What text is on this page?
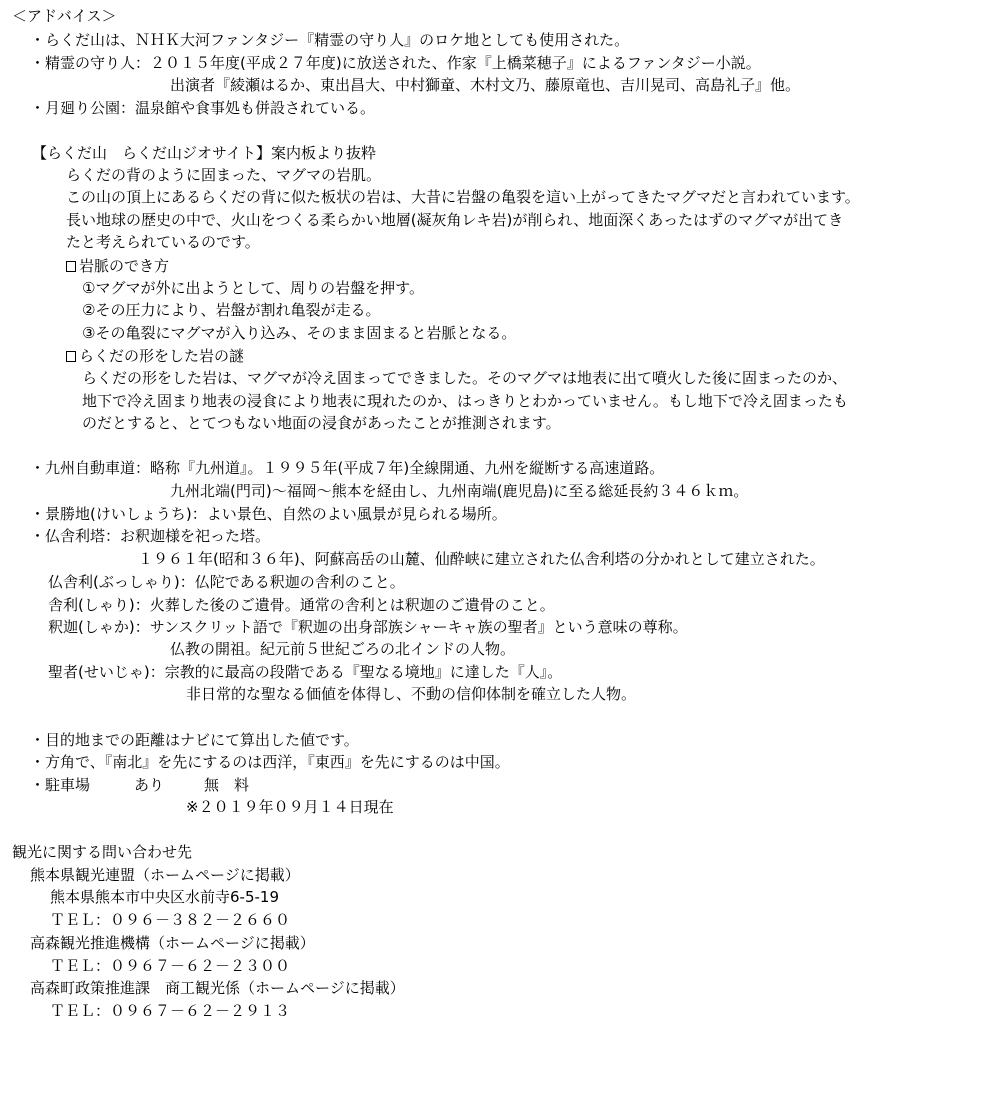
＜アドバイス＞
・らくだ山は、ＮＨＫ大河ファンタジー『精霊の守り人』のロケ地としても使用された。
・精霊の守り人：２０１５年度(平成２７年度)に放送された、作家『上橋菜穂子』によるファンタジー小説。
出演者『綾瀬はるか、東出昌大、中村獅童、木村文乃、藤原竜也、吉川晃司、高島礼子』他。
・月廻り公園：温泉館や食事処も併設されている。
【らくだ山　らくだ山ジオサイト】案内板より抜粋
らくだの背のように固まった、マグマの岩肌。
この山の頂上にあるらくだの背に似た板状の岩は、大昔に岩盤の亀裂を這い上がってきたマグマだと言われています。
長い地球の歴史の中で、火山をつくる柔らかい地層(凝灰角レキ岩)が削られ、地面深くあったはずのマグマが出てき
たと考えられているのです。
岩脈のでき方
①マグマが外に出ようとして、周りの岩盤を押す。
②その圧力により、岩盤が割れ亀裂が走る。
③その亀裂にマグマが入り込み、そのまま固まると岩脈となる。
らくだの形をした岩の謎
らくだの形をした岩は、マグマが冷え固まってできました。そのマグマは地表に出て噴火した後に固まったのか、
地下で冷え固まり地表の浸食により地表に現れたのか、はっきりとわかっていません。もし地下で冷え固まったも
のだとすると、とてつもない地面の浸食があったことが推測されます。
・九州自動車道：略称『九州道』。１９９５年(平成７年)全線開通、九州を縦断する高速道路。
九州北端(門司)～福岡～熊本を経由し、九州南端(鹿児島)に至る総延長約３４６ｋｍ。
・景勝地(けいしょうち)：よい景色、自然のよい風景が見られる場所。
・仏舎利塔：お釈迦様を祀った塔。
１９６１年(昭和３６年)、阿蘇高岳の山麓、仙酔峡に建立された仏舎利塔の分かれとして建立された。
仏舎利(ぶっしゃり)：仏陀である釈迦の舎利のこと。
舎利(しゃり)：火葬した後のご遺骨。通常の舎利とは釈迦のご遺骨のこと。
釈迦(しゃか)：サンスクリット語で『釈迦の出身部族シャーキャ族の聖者』という意味の尊称。
仏教の開祖。紀元前５世紀ごろの北インドの人物。
聖者(せいじゃ)：宗教的に最高の段階である『聖なる境地』に達した『人』。
非日常的な聖なる価値を体得し、不動の信仰体制を確立した人物。
・目的地までの距離はナビにて算出した値です。
・方角で、『南北』を先にするのは西洋，『東西』を先にするのは中国。
・駐車場	あり	無　料
※２０１９年０９月１４日現在
観光に関する問い合わせ先
熊本県観光連盟（ホームページに掲載）
熊本県熊本市中央区水前寺6-5-19
ＴＥＬ：０９６－３８２－２６６０
高森観光推進機構（ホームページに掲載）
ＴＥＬ：０９６７－６２－２３００
高森町政策推進課　商工観光係（ホームページに掲載）
ＴＥＬ：０９６７－６２－２９１３
